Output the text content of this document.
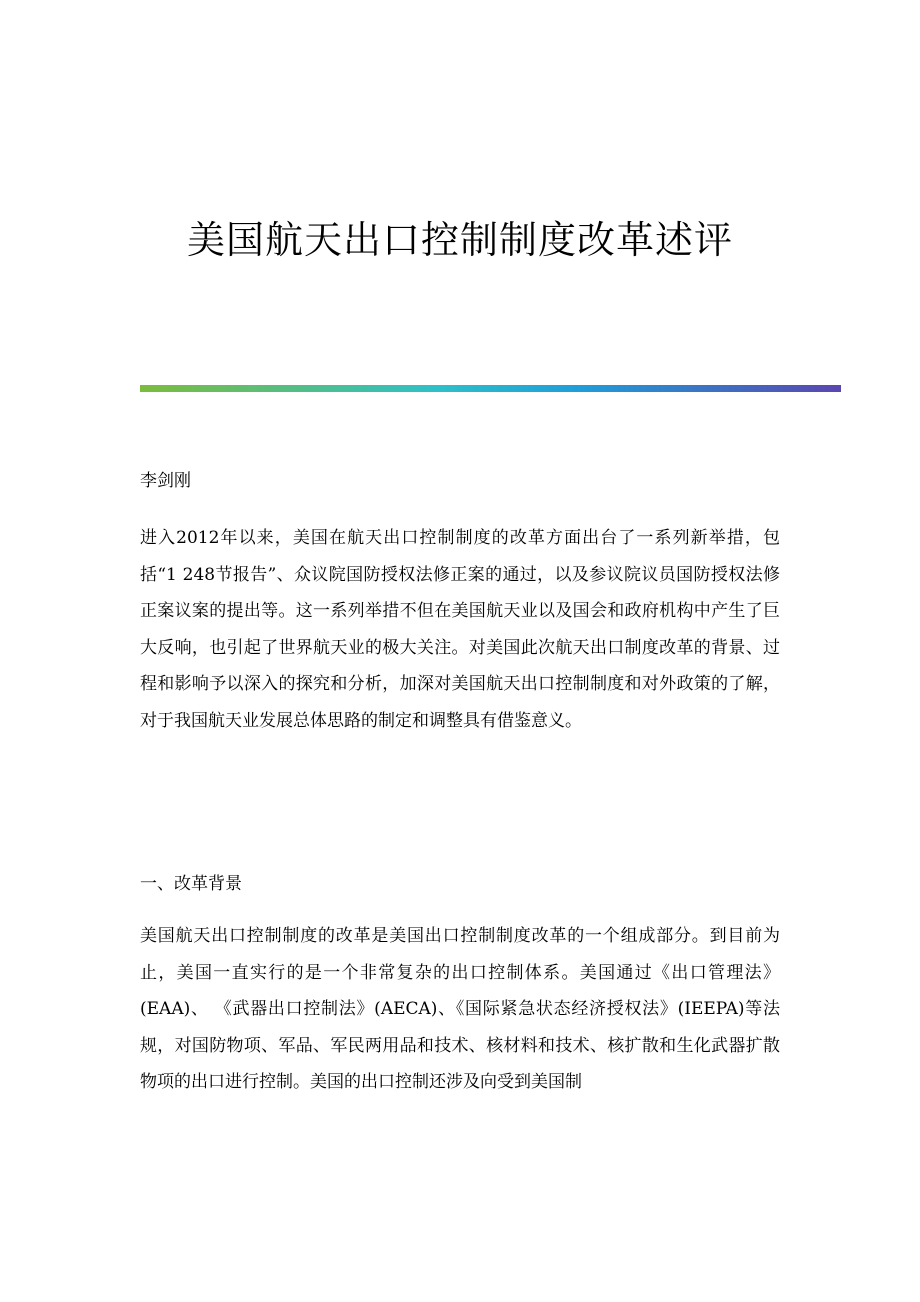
美国航天出口控制制度改革述评
李剑刚

进入2012年以来，美国在航天出口控制制度的改革方面出台了一系列新举措，包括“1 248节报告”、众议院国防授权法修正案的通过，以及参议院议员国防授权法修正案议案的提出等。这一系列举措不但在美国航天业以及国会和政府机构中产生了巨大反响，也引起了世界航天业的极大关注。对美国此次航天出口制度改革的背景、过程和影响予以深入的探究和分析，加深对美国航天出口控制制度和对外政策的了解，对于我国航天业发展总体思路的制定和调整具有借鉴意义。

一、改革背景

美国航天出口控制制度的改革是美国出口控制制度改革的一个组成部分。到目前为止，美国一直实行的是一个非常复杂的出口控制体系。美国通过《出口管理法》(EAA)、 《武器出口控制法》(AECA)、《国际紧急状态经济授权法》(IEEPA)等法规，对国防物项、军品、军民两用品和技术、核材料和技术、核扩散和生化武器扩散物项的出口进行控制。美国的出口控制还涉及向受到美国制
